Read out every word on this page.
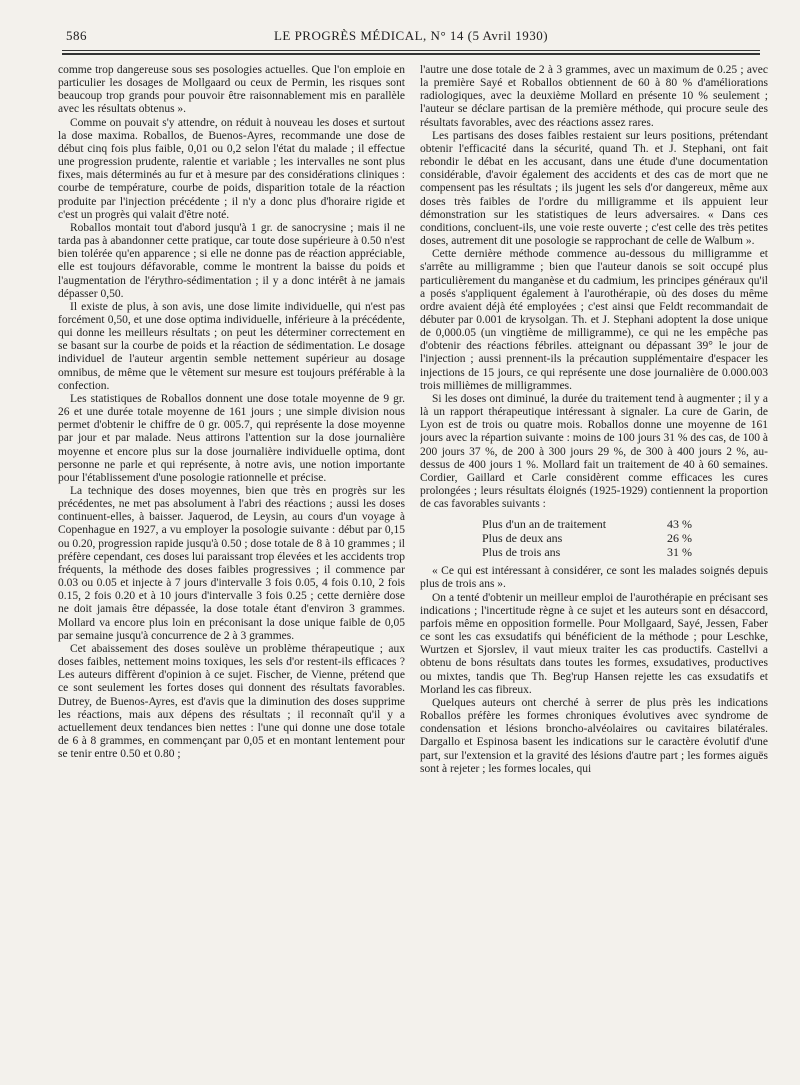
586	LE PROGRÈS MÉDICAL, N° 14 (5 Avril 1930)

comme trop dangereuse sous ses posologies actuelles. Que l'on emploie en particulier les dosages de Mollgaard ou ceux de Permin, les risques sont beaucoup trop grands pour pouvoir être raisonnablement mis en parallèle avec les résultats obtenus ».

Comme on pouvait s'y attendre, on réduit à nouveau les doses et surtout la dose maxima. Roballos, de Buenos-Ayres, recommande une dose de début cinq fois plus faible, 0,01 ou 0,2 selon l'état du malade ; il effectue une progression prudente, ralentie et variable ; les intervalles ne sont plus fixes, mais déterminés au fur et à mesure par des considérations cliniques : courbe de température, courbe de poids, disparition totale de la réaction produite par l'injection précédente ; il n'y a donc plus d'horaire rigide et c'est un progrès qui valait d'être noté.

Roballos montait tout d'abord jusqu'à 1 gr. de sanocrysine ; mais il ne tarda pas à abandonner cette pratique, car toute dose supérieure à 0.50 n'est bien tolérée qu'en apparence ; si elle ne donne pas de réaction appréciable, elle est toujours défavorable, comme le montrent la baisse du poids et l'augmentation de l'érythro-sédimentation ; il y a donc intérêt à ne jamais dépasser 0,50.

Il existe de plus, à son avis, une dose limite individuelle, qui n'est pas forcément 0,50, et une dose optima individuelle, inférieure à la précédente, qui donne les meilleurs résultats ; on peut les déterminer correctement en se basant sur la courbe de poids et la réaction de sédimentation. Le dosage individuel de l'auteur argentin semble nettement supérieur au dosage omnibus, de même que le vêtement sur mesure est toujours préférable à la confection.

Les statistiques de Roballos donnent une dose totale moyenne de 9 gr. 26 et une durée totale moyenne de 161 jours ; une simple division nous permet d'obtenir le chiffre de 0 gr. 005.7, qui représente la dose moyenne par jour et par malade. Neus attirons l'attention sur la dose journalière moyenne et encore plus sur la dose journalière individuelle optima, dont personne ne parle et qui représente, à notre avis, une notion importante pour l'établissement d'une posologie rationnelle et précise.

La technique des doses moyennes, bien que très en progrès sur les précédentes, ne met pas absolument à l'abri des réactions ; aussi les doses continuent-elles, à baisser. Jaquerod, de Leysin, au cours d'un voyage à Copenhague en 1927, a vu employer la posologie suivante : début par 0,15 ou 0.20, progression rapide jusqu'à 0.50 ; dose totale de 8 à 10 grammes ; il préfère cependant, ces doses lui paraissant trop élevées et les accidents trop fréquents, la méthode des doses faibles progressives ; il commence par 0.03 ou 0.05 et injecte à 7 jours d'intervalle 3 fois 0.05, 4 fois 0.10, 2 fois 0.15, 2 fois 0.20 et à 10 jours d'intervalle 3 fois 0.25 ; cette dernière dose ne doit jamais être dépassée, la dose totale étant d'environ 3 grammes. Mollard va encore plus loin en préconisant la dose unique faible de 0,05 par semaine jusqu'à concurrence de 2 à 3 grammes.

Cet abaissement des doses soulève un problème thérapeutique ; aux doses faibles, nettement moins toxiques, les sels d'or restent-ils efficaces ? Les auteurs diffèrent d'opinion à ce sujet. Fischer, de Vienne, prétend que ce sont seulement les fortes doses qui donnent des résultats favorables. Dutrey, de Buenos-Ayres, est d'avis que la diminution des doses supprime les réactions, mais aux dépens des résultats ; il reconnaît qu'il y a actuellement deux tendances bien nettes : l'une qui donne une dose totale de 6 à 8 grammes, en commençant par 0,05 et en montant lentement pour se tenir entre 0.50 et 0.80 ;

l'autre une dose totale de 2 à 3 grammes, avec un maximum de 0.25 ; avec la première Sayé et Roballos obtiennent de 60 à 80 % d'améliorations radiologiques, avec la deuxième Mollard en présente 10 % seulement ; l'auteur se déclare partisan de la première méthode, qui procure seule des résultats favorables, avec des réactions assez rares.

Les partisans des doses faibles restaient sur leurs positions, prétendant obtenir l'efficacité dans la sécurité, quand Th. et J. Stephani, ont fait rebondir le débat en les accusant, dans une étude d'une documentation considérable, d'avoir également des accidents et des cas de mort que ne compensent pas les résultats ; ils jugent les sels d'or dangereux, même aux doses très faibles de l'ordre du milligramme et ils appuient leur démonstration sur les statistiques de leurs adversaires. « Dans ces conditions, concluent-ils, une voie reste ouverte ; c'est celle des très petites doses, autrement dit une posologie se rapprochant de celle de Walbum ».

Cette dernière méthode commence au-dessous du milligramme et s'arrête au milligramme ; bien que l'auteur danois se soit occupé plus particulièrement du manganèse et du cadmium, les principes généraux qu'il a posés s'appliquent également à l'aurothérapie, où des doses du même ordre avaient déjà été employées ; c'est ainsi que Feldt recommandait de débuter par 0.001 de krysolgan. Th. et J. Stephani adoptent la dose unique de 0,000.05 (un vingtième de milligramme), ce qui ne les empêche pas d'obtenir des réactions fébriles. atteignant ou dépassant 39° le jour de l'injection ; aussi prennent-ils la précaution supplémentaire d'espacer les injections de 15 jours, ce qui représente une dose journalière de 0.000.003 trois millièmes de milligrammes.

Si les doses ont diminué, la durée du traitement tend à augmenter ; il y a là un rapport thérapeutique intéressant à signaler. La cure de Garin, de Lyon est de trois ou quatre mois. Roballos donne une moyenne de 161 jours avec la répartion suivante : moins de 100 jours 31 % des cas, de 100 à 200 jours 37 %, de 200 à 300 jours 29 %, de 300 à 400 jours 2 %, au-dessus de 400 jours 1 %. Mollard fait un traitement de 40 à 60 semaines. Cordier, Gaillard et Carle considèrent comme efficaces les cures prolongées ; leurs résultats éloignés (1925-1929) contiennent la proportion de cas favorables suivants :

Plus d'un an de traitement	43 %
Plus de deux ans	26 %
Plus de trois ans	31 %

« Ce qui est intéressant à considérer, ce sont les malades soignés depuis plus de trois ans ».

On a tenté d'obtenir un meilleur emploi de l'aurothérapie en précisant ses indications ; l'incertitude règne à ce sujet et les auteurs sont en désaccord, parfois même en opposition formelle. Pour Mollgaard, Sayé, Jessen, Faber ce sont les cas exsudatifs qui bénéficient de la méthode ; pour Leschke, Wurtzen et Sjorslev, il vaut mieux traiter les cas productifs. Castellvi a obtenu de bons résultats dans toutes les formes, exsudatives, productives ou mixtes, tandis que Th. Beg'rup Hansen rejette les cas exsudatifs et Morland les cas fibreux.

Quelques auteurs ont cherché à serrer de plus près les indications Roballos préfère les formes chroniques évolutives avec syndrome de condensation et lésions broncho-alvéolaires ou cavitaires bilatérales. Dargallo et Espinosa basent les indications sur le caractère évolutif d'une part, sur l'extension et la gravité des lésions d'autre part ; les formes aiguës sont à rejeter ; les formes locales, qui
